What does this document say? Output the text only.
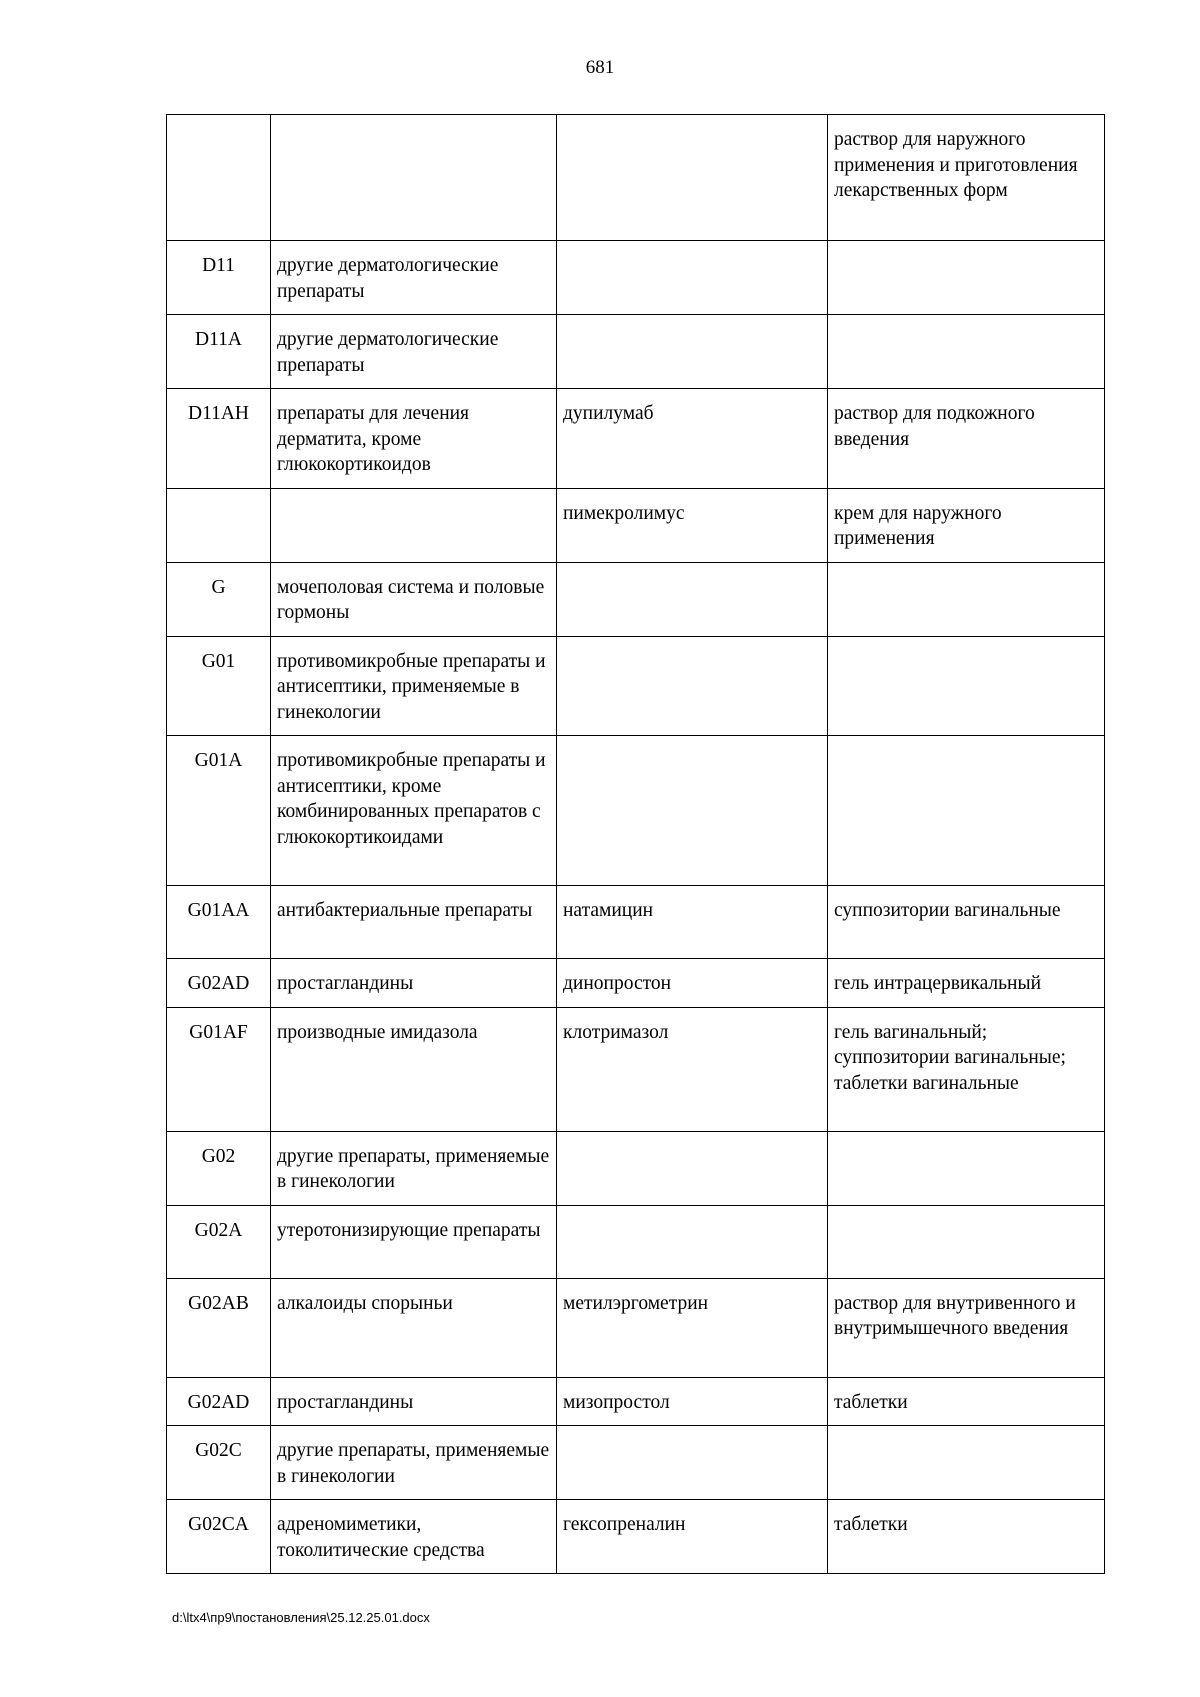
681
			раствор для наружного применения и приготовления лекарственных форм
D11	другие дерматологические препараты		
D11A	другие дерматологические препараты		
D11AH	препараты для лечения дерматита, кроме глюкокортикоидов	дупилумаб	раствор для подкожного введения
		пимекролимус	крем для наружного применения
G	мочеполовая система и половые гормоны		
G01	противомикробные препараты и антисептики, применяемые в гинекологии		
G01A	противомикробные препараты и антисептики, кроме комбинированных препаратов с глюкокортикоидами		
G01AA	антибактериальные препараты	натамицин	суппозитории вагинальные
G02AD	простагландины	динопростон	гель интрацервикальный
G01AF	производные имидазола	клотримазол	гель вагинальный;
суппозитории вагинальные;
таблетки вагинальные
G02	другие препараты, применяемые в гинекологии		
G02A	утеротонизирующие препараты		
G02AB	алкалоиды спорыньи	метилэргометрин	раствор для внутривенного и внутримышечного введения
G02AD	простагландины	мизопростол	таблетки
G02C	другие препараты, применяемые в гинекологии		
G02CA	адреномиметики, токолитические средства	гексопреналин	таблетки
d:\ltx4\пр9\постановления\25.12.25.01.docx
